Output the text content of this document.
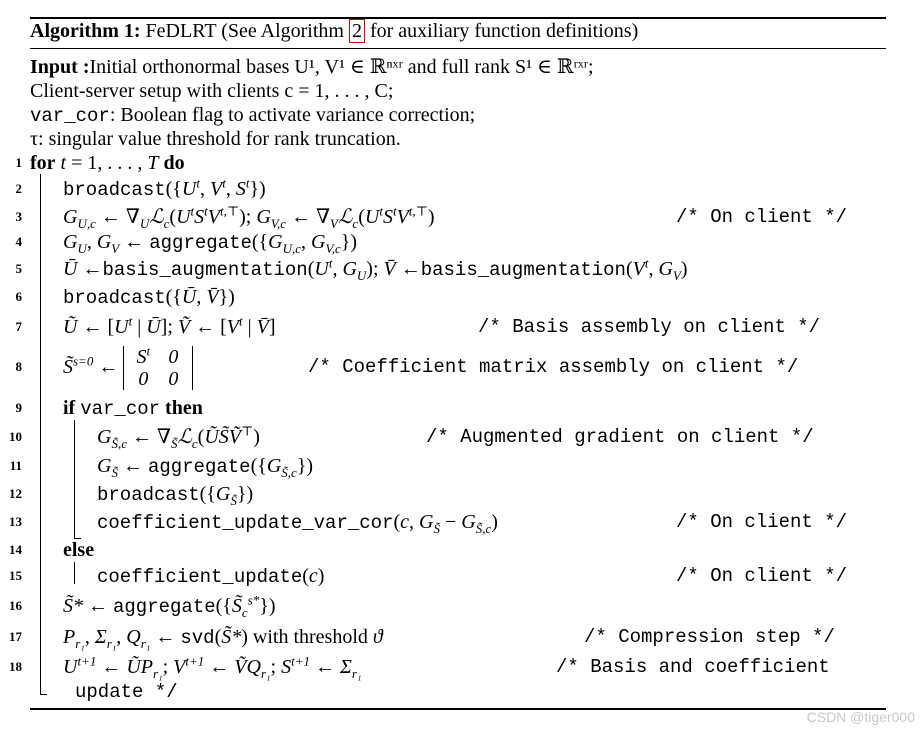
Algorithm 1: FeDLRT (See Algorithm 2 for auxiliary function definitions)
Input :Initial orthonormal bases U¹, V¹ ∈ ℝⁿˣʳ and full rank S¹ ∈ ℝʳˣʳ;
Client-server setup with clients c = 1, . . . , C;
var_cor: Boolean flag to activate variance correction;
τ: singular value threshold for rank truncation.
1
2
3
4
5
6
7
8
9
10
11
12
13
14
15
16
17
18
for t = 1, . . . , T do
$broadcast(\{U^t$, $V^t$, $S^t$})
$G_{U,c}$ ← $\nabla_Uℒ_c(U^tS^tV^{t,⊤})$; $G_{V,c}$ ← $\nabla_Vℒ_c(U^tS^tV^{t,⊤})$	/* On client */
$G_U$, $G_V$ ← $aggregate(\{G_{U,c}$, $G_{V,c}$})
Ū $\leftarrow basis\_augmentation(U^t$, $G_U$); V̄ $\leftarrow basis\_augmentation(V^t$, $G_V$)
broadcast({Ū, V̄})
Ũ ← [$U^t$ | Ū]; Ṽ ← [$V^t$ | V̄]	/* Basis assembly on client */
S̃$^{s=0}$ ← $S^t$ 0
0 0
/* Coefficient matrix assembly on client */
if var_cor then
$G_{S̃,c}$ ← $\nabla_{S̃}ℒ_c(ŨS̃Ṽ^⊤)$	/* Augmented gradient on client */
$G_{S̃}$ ← $aggregate(\{G_{S̃,c}\})$
$broadcast(\{G_{S̃}\})$
coefficient_update_var_cor(c, $G_{S̃} - G_{S̃,c}$)	/* On client */
else
coefficient_update(c)	/* On client */
S̃* ← $aggregate(\{S̃_c^{s*}\})$
$P_{r_1}$, $\Sigma_{r_1}$, $Q_{r_1}$ ← svd(S̃*) with threshold ϑ	/* Compression step */
$U^{t+1}$ ← $ŨP_{r_1}$; $V^{t+1}$ ← ṼQ$_{r_1}$; $S^{t+1}$ ← $\Sigma_{r_1}$	/* Basis and coefficient
update */
CSDN @tiger000
